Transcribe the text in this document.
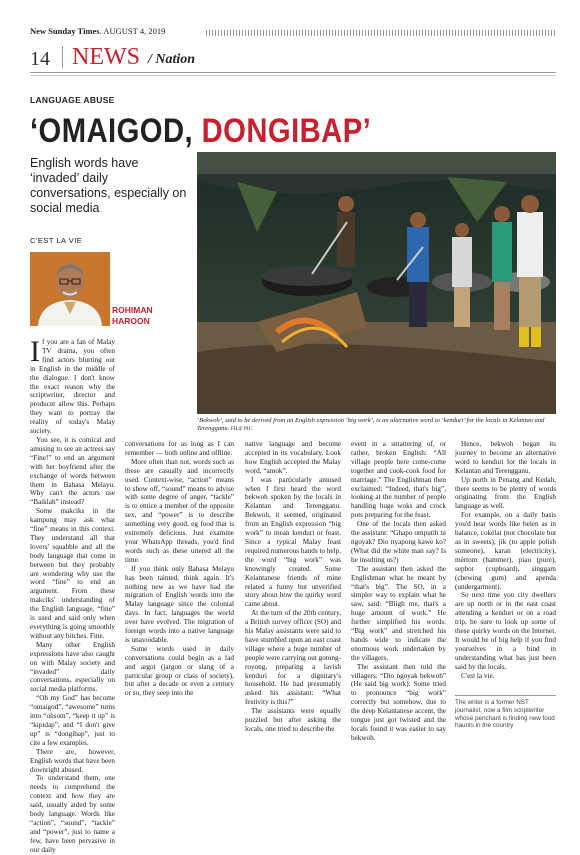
New Sunday Times. AUGUST 4, 2019
14 NEWS / Nation
LANGUAGE ABUSE
‘OMAIGOD, DONGIBAP’
English words have ‘invaded’ daily conversations, especially on social media
C'EST LA VIE
ROHIMAN
HAROON
‘Bekwoh’, said to be derived from an English expression ‘big work’, is an alternative word to ‘kenduri’ for the locals in Kelantan and Terengganu. FILE PIC

If you are a fan of Malay TV drama, you often find actors blurting out in English in the middle of the dialogue. I don't know the exact reason why the scriptwriter, director and producer allow this. Perhaps they want to portray the reality of today's Malay society.

You see, it is comical and amusing to see an actress say “Fine!” to end an argument with her boyfriend after the exchange of words between them in Bahasa Melayu. Why can't the actors use “Baiklah” instead?

Some makciks in the kampung may ask what “fine” means in this context. They understand all that lovers' squabble and all the body language that come in between but they probably are wondering why use the word “fine” to end an argument. From these makciks' understanding of the English language, “fine” is used and said only when everything is going smoothly without any hitches. Fine.

Many other English expressions have also caught on with Malay society and “invaded” daily conversations, especially on social media platforms.

“Oh my God” has become “omaigod”, “awesome” turns into “ohsom”, “keep it up” is “kipidap”, and “I don't give up” is “dongibap”, just to cite a few examples.

There are, however, English words that have been downright abused.

To understand them, one needs to comprehend the context and how they are said, usually aided by some body language. Words like “action”, “sound”, “tackle” and “power”, just to name a few, have been pervasive in our daily

conversations for as long as I can remember — both online and offline.

More often than not, words such as these are casually and incorrectly used. Context-wise, “action” means to show off, “sound” means to advise with some degree of anger, “tackle” is to entice a member of the opposite sex, and “power” is to describe something very good, eg food that is extremely delicious. Just examine your WhatsApp threads, you'd find words such as these uttered all the time.

If you think only Bahasa Melayu has been tainted, think again. It's nothing new as we have had the migration of English words into the Malay language since the colonial days. In fact, languages the world over have evolved. The migration of foreign words into a native language is unavoidable.

Some words used in daily conversations could begin as a fad and argot (jargon or slang of a particular group or class of society), but after a decade or even a century or so, they seep into the

native language and become accepted in its vocabulary. Look how English accepted the Malay word, “amok”.

I was particularly amused when I first heard the word bekwoh spoken by the locals in Kelantan and Terengganu. Bekwoh, it seemed, originated from an English expression “big work” to mean kenduri or feast. Since a typical Malay feast required numerous hands to help, the word “big work” was knowingly created. Some Kelantanese friends of mine related a funny but unverified story about how the quirky word came about.

At the turn of the 20th century, a British survey officer (SO) and his Malay assistants were said to have stumbled upon an east coast village where a huge number of people were carrying out gotong-royong, preparing a lavish kenduri for a dignitary's household. He had presumably asked his assistant: “What festivity is this?”

The assistants were equally puzzled but after asking the locals, one tried to describe the

event in a smattering of, or rather, broken English: “All village people here come-come together and cook-cook food for marriage.” The Englishman then exclaimed: “Indeed, that's big”, looking at the number of people handling huge woks and crock pots preparing for the feast.

One of the locals then asked the assistant: “Ghapo omputih ni ngoyak? Dio nyapong kawe ko? (What did the white man say? Is he insulting us?)

The assistant then asked the Englishman what he meant by “that's big”. The SO, in a simpler way to explain what he saw, said: “Bligh me, that's a huge amount of work.” He further simplified his words: “Big work” and stretched his hands wide to indicate the enormous work undertaken by the villagers.

The assistant then told the villagers: “Dio ngoyak bekwoh” (He said big work). Some tried to pronounce “big work” correctly but somehow, due to the deep Kelantanese accent, the tongue just got twisted and the locals found it was easier to say bekwoh.

Hence, bekwoh began its journey to become an alternative word to kenduri for the locals in Kelantan and Terengganu.

Up north in Penang and Kedah, there seems to be plenty of words originating from the English language as well.

For example, on a daily basis you'd hear words like belen as in balance, cokélat (not chocolate but as in sweets), jik (to apple polish someone), karan (electricity), mèrtom (hammer), piau (pure), sepbot (cupboard), singgam (chewing gum) and apenda (undergarment).

So next time you city dwellers are up north or in the east coast attending a kenduri or on a road trip, be sure to look up some of these quirky words on the Internet. It would be of big help if you find yourselves in a bind in understanding what has just been said by the locals.

C'est la vie.

The writer is a former NST journalist, now a film scriptwriter whose penchant is finding new food haunts in the country
